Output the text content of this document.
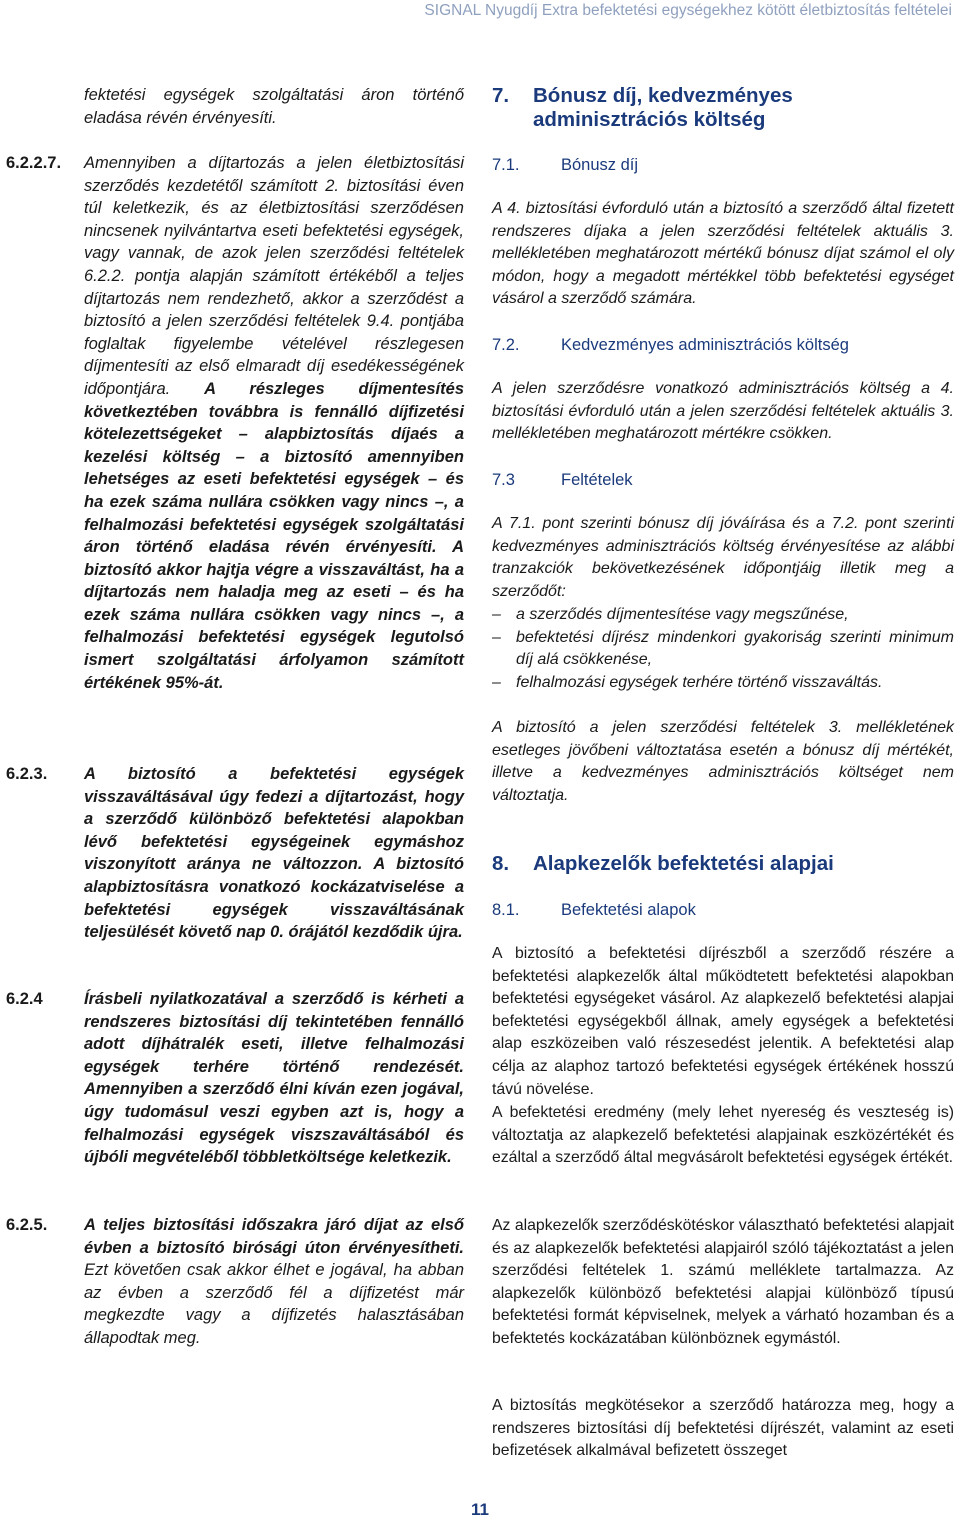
SIGNAL Nyugdíj Extra befektetési egységekhez kötött életbiztosítás feltételei

fektetési egységek szolgáltatási áron történő eladása révén érvényesíti.

6.2.2.7. Amennyiben a díjtartozás a jelen életbiztosítási szerződés kezdetétől számított 2. biztosítási éven túl keletkezik, és az életbiztosítási szerződésen nincsenek nyilvántartva eseti befektetési egységek, vagy vannak, de azok jelen szerződési feltételek 6.2.2. pontja alapján számított értékéből a teljes díjtartozás nem rendezhető, akkor a szerződést a biztosító a jelen szerződési feltételek 9.4. pontjába foglaltak figyelembe vételével részlegesen díjmentesíti az első elmaradt díj esedékességének időpontjára. A részleges díjmentesítés következtében továbbra is fennálló díjfizetési kötelezettségeket – alapbiztosítás díjaés a kezelési költség – a biztosító amennyiben lehetséges az eseti befektetési egységek – és ha ezek száma nullára csökken vagy nincs –, a felhalmozási befektetési egységek szolgáltatási áron történő eladása révén érvényesíti. A biztosító akkor hajtja végre a visszaváltást, ha a díjtartozás nem haladja meg az eseti – és ha ezek száma nullára csökken vagy nincs –, a felhalmozási befektetési egységek legutolsó ismert szolgáltatási árfolyamon számított értékének 95%-át.

6.2.3. A biztosító a befektetési egységek visszaváltásával úgy fedezi a díjtartozást, hogy a szerződő különböző befektetési alapokban lévő befektetési egységeinek egymáshoz viszonyított aránya ne változzon. A biztosító alapbiztosításra vonatkozó kockázatviselése a befektetési egységek visszaváltásának teljesülését követő nap 0. órájától kezdődik újra.

6.2.4	Írásbeli nyilatkozatával a szerződő is kérheti a rendszeres biztosítási díj tekintetében fennálló adott díjhátralék eseti, illetve felhalmozási egységek terhére történő rendezését. Amennyiben a szerződő élni kíván ezen jogával, úgy tudomásul veszi egyben azt is, hogy a felhalmozási egységek viszszaváltásából és újbóli megvételéből többletköltsége keletkezik.

6.2.5. A teljes biztosítási időszakra járó díjat az első évben a biztosító birósági úton érvényesítheti. Ezt követően csak akkor élhet e jogával, ha abban az évben a szerződő fél a díjfizetést már megkezdte vagy a díjfizetés halasztásában állapodtak meg.

7. Bónusz díj, kedvezményes adminisztrációs költség
7.1.	Bónusz díj

A 4. biztosítási évforduló után a biztosító a szerződő által fizetett rendszeres díjaka a jelen szerződési feltételek aktuális 3. mellékletében meghatározott mértékű bónusz díjat számol el oly módon, hogy a megadott mértékkel több befektetési egységet vásárol a szerződő számára.

7.2.	Kedvezményes adminisztrációs költség

A jelen szerződésre vonatkozó adminisztrációs költség a 4. biztosítási évforduló után a jelen szerződési feltételek aktuális 3. mellékletében meghatározott mértékre csökken.

7.3	Feltételek

A 7.1. pont szerinti bónusz díj jóváírása és a 7.2. pont szerinti kedvezményes adminisztrációs költség érvényesítése az alábbi tranzakciók bekövetkezésének időpontjáig illetik meg a szerződőt:

– a szerződés díjmentesítése vagy megszűnése,
– befektetési díjrész mindenkori gyakoriság szerinti minimum díj alá csökkenése,
– felhalmozási egységek terhére történő visszaváltás.

A biztosító a jelen szerződési feltételek 3. mellékletének esetleges jövőbeni változtatása esetén a bónusz díj mértékét, illetve a kedvezményes adminisztrációs költséget nem változtatja.

8. Alapkezelők befektetési alapjai
8.1.	Befektetési alapok

A biztosító a befektetési díjrészből a szerződő részére a befektetési alapkezelők által működtetett befektetési alapokban befektetési egységeket vásárol. Az alapkezelő befektetési alapjai befektetési egységekből állnak, amely egységek a befektetési alap eszközeiben való részesedést jelentik. A befektetési alap célja az alaphoz tartozó befektetési egységek értékének hosszú távú növelése.

A befektetési eredmény (mely lehet nyereség és veszteség is) változtatja az alapkezelő befektetési alapjainak eszközértékét és ezáltal a szerződő által megvásárolt befektetési egységek értékét.

Az alapkezelők szerződéskötéskor választható befektetési alapjait és az alapkezelők befektetési alapjairól szóló tájékoztatást a jelen szerződési feltételek 1. számú melléklete tartalmazza. Az alapkezelők különböző befektetési alapjai különböző típusú befektetési formát képviselnek, melyek a várható hozamban és a befektetés kockázatában különböznek egymástól.

A biztosítás megkötésekor a szerződő határozza meg, hogy a rendszeres biztosítási díj befektetési díjrészét, valamint az eseti befizetések alkalmával befizetett összeget

11
